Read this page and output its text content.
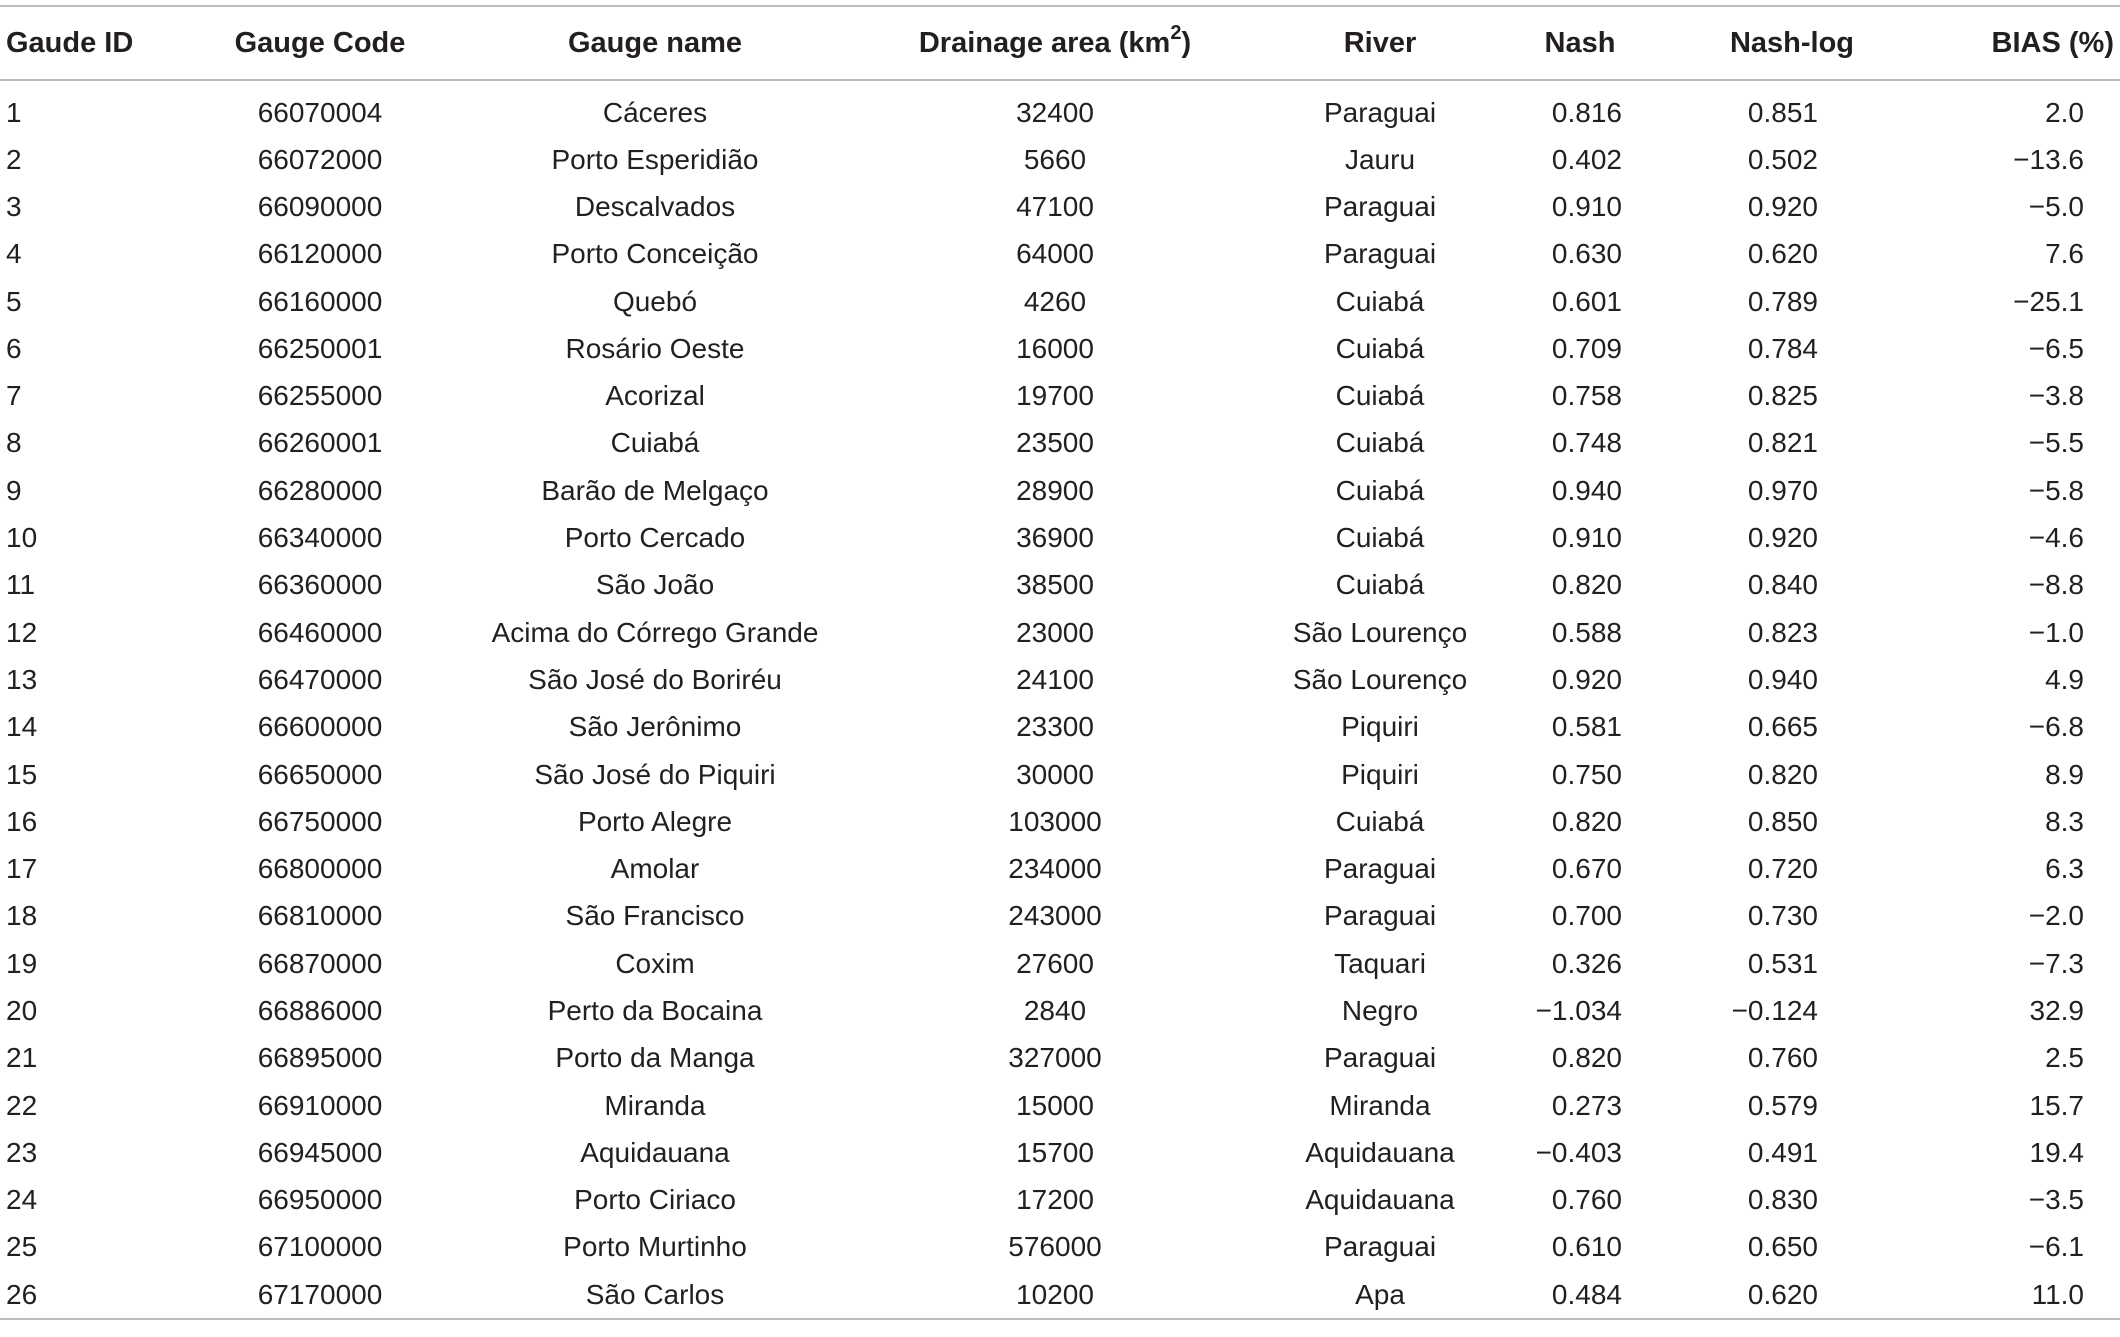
Gaude ID	Gauge Code	Gauge name	Drainage area $(km^2)$	River	Nash	Nash-log	BIAS (%)
1	66070004	Cáceres	32400	Paraguai	0.816	0.851	2.0
2	66072000	Porto Esperidião	5660	Jauru	0.402	0.502	−13.6
3	66090000	Descalvados	47100	Paraguai	0.910	0.920	−5.0
4	66120000	Porto Conceição	64000	Paraguai	0.630	0.620	7.6
5	66160000	Quebó	4260	Cuiabá	0.601	0.789	−25.1
6	66250001	Rosário Oeste	16000	Cuiabá	0.709	0.784	−6.5
7	66255000	Acorizal	19700	Cuiabá	0.758	0.825	−3.8
8	66260001	Cuiabá	23500	Cuiabá	0.748	0.821	−5.5
9	66280000	Barão de Melgaço	28900	Cuiabá	0.940	0.970	−5.8
10	66340000	Porto Cercado	36900	Cuiabá	0.910	0.920	−4.6
11	66360000	São João	38500	Cuiabá	0.820	0.840	−8.8
12	66460000	Acima do Córrego Grande	23000	São Lourenço	0.588	0.823	−1.0
13	66470000	São José do Boriréu	24100	São Lourenço	0.920	0.940	4.9
14	66600000	São Jerônimo	23300	Piquiri	0.581	0.665	−6.8
15	66650000	São José do Piquiri	30000	Piquiri	0.750	0.820	8.9
16	66750000	Porto Alegre	103000	Cuiabá	0.820	0.850	8.3
17	66800000	Amolar	234000	Paraguai	0.670	0.720	6.3
18	66810000	São Francisco	243000	Paraguai	0.700	0.730	−2.0
19	66870000	Coxim	27600	Taquari	0.326	0.531	−7.3
20	66886000	Perto da Bocaina	2840	Negro	−1.034	−0.124	32.9
21	66895000	Porto da Manga	327000	Paraguai	0.820	0.760	2.5
22	66910000	Miranda	15000	Miranda	0.273	0.579	15.7
23	66945000	Aquidauana	15700	Aquidauana	−0.403	0.491	19.4
24	66950000	Porto Ciriaco	17200	Aquidauana	0.760	0.830	−3.5
25	67100000	Porto Murtinho	576000	Paraguai	0.610	0.650	−6.1
26	67170000	São Carlos	10200	Apa	0.484	0.620	11.0
